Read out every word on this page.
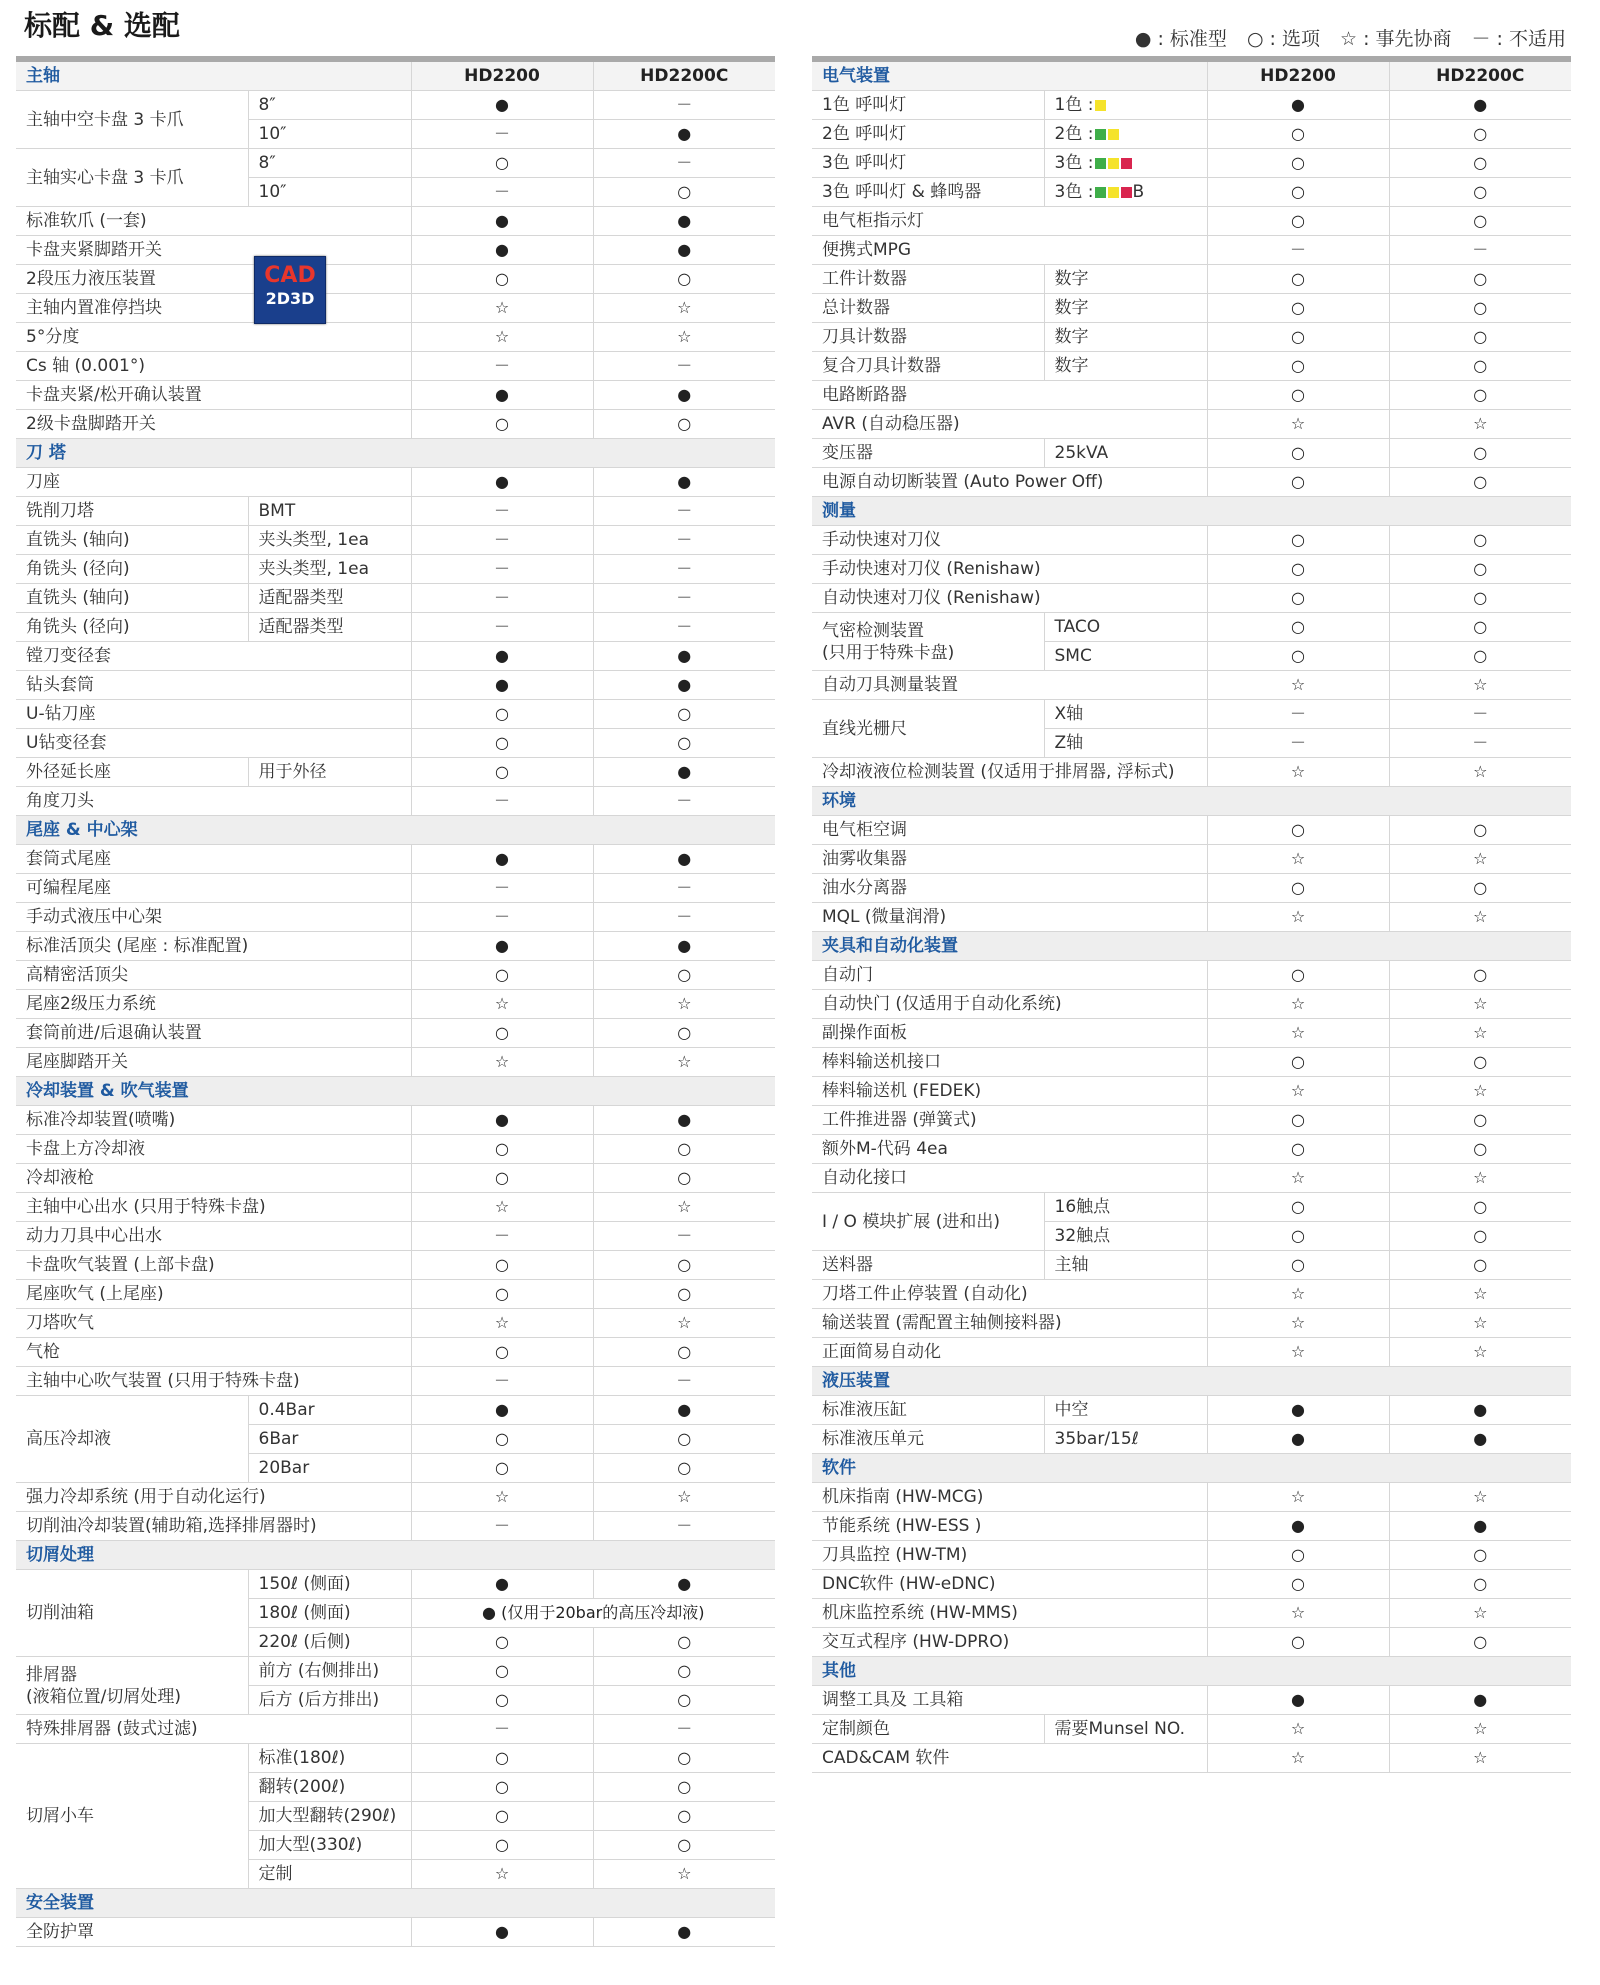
标配 & 选配	● : 标准型 ○ : 选项 ☆ : 事先协商 － : 不适用
主轴		HD2200	HD2200C

主轴中空卡盘 3 卡爪	8″	●	－
	10″	－	●

主轴实心卡盘 3 卡爪	8″	○	－
	10″	－	○
标准软爪 (一套)		●	●
卡盘夹紧脚踏开关		●	●
2段压力液压装置		○	○
主轴内置准停挡块		☆	☆
5°分度		☆	☆
Cs 轴 (0.001°)		－	－
卡盘夹紧/松开确认装置		●	●
2级卡盘脚踏开关		○	○
刀 塔			
刀座		●	●
铣削刀塔	BMT	－	－
直铣头 (轴向)	夹头类型, 1ea	－	－
角铣头 (径向)	夹头类型, 1ea	－	－
直铣头 (轴向)	适配器类型	－	－
角铣头 (径向)	适配器类型	－	－
镗刀变径套		●	●
钻头套筒		●	●
U-钻刀座		○	○
U钻变径套		○	○
外径延长座	用于外径	○	●
角度刀头		－	－
尾座 & 中心架			
套筒式尾座		●	●
可编程尾座		－	－
手动式液压中心架		－	－
标准活顶尖 (尾座 : 标准配置)		●	●
高精密活顶尖		○	○
尾座2级压力系统		☆	☆
套筒前进/后退确认装置		○	○
尾座脚踏开关		☆	☆
冷却装置 & 吹气装置			
标准冷却装置(喷嘴)		●	●
卡盘上方冷却液		○	○
冷却液枪		○	○
主轴中心出水 (只用于特殊卡盘)		☆	☆
动力刀具中心出水		－	－
卡盘吹气装置 (上部卡盘)		○	○
尾座吹气 (上尾座)		○	○
刀塔吹气		☆	☆
气枪		○	○
主轴中心吹气装置 (只用于特殊卡盘)		－	－

高压冷却液	0.4Bar	●	●
	6Bar	○	○
	20Bar	○	○
强力冷却系统 (用于自动化运行)		☆	☆
切削油冷却装置(辅助箱,选择排屑器时)		－	－
切屑处理			

切削油箱	150ℓ (侧面)	●	●
	180ℓ (侧面)	● (仅用于20bar的高压冷却液)	
	220ℓ (后侧)	○	○

排屑器
(液箱位置/切屑处理)	前方 (右侧排出)	○	○
	后方 (后方排出)	○	○
特殊排屑器 (鼓式过滤)		－	－

切屑小车	标准(180ℓ)	○	○
	翻转(200ℓ)	○	○
	加大型翻转(290ℓ)	○	○
	加大型(330ℓ)	○	○
	定制	☆	☆
安全装置			
全防护罩		●	●
电气装置		HD2200	HD2200C
1色 呼叫灯	1色 :	●	●
2色 呼叫灯	2色 :	○	○
3色 呼叫灯	3色 :	○	○
3色 呼叫灯 & 蜂鸣器	3色 : B	○	○
电气柜指示灯		○	○
便携式MPG		－	－
工件计数器	数字	○	○
总计数器	数字	○	○
刀具计数器	数字	○	○
复合刀具计数器	数字	○	○
电路断路器		○	○
AVR (自动稳压器)		☆	☆
变压器	25kVA	○	○
电源自动切断装置 (Auto Power Off)		○	○
测量			
手动快速对刀仪		○	○
手动快速对刀仪 (Renishaw)		○	○
自动快速对刀仪 (Renishaw)		○	○

气密检测装置
(只用于特殊卡盘)	TACO	○	○
	SMC	○	○
自动刀具测量装置		☆	☆

直线光栅尺	X轴	－	－
	Z轴	－	－
冷却液液位检测装置 (仅适用于排屑器, 浮标式)		☆	☆
环境			
电气柜空调		○	○
油雾收集器		☆	☆
油水分离器		○	○
MQL (微量润滑)		☆	☆
夹具和自动化装置			
自动门		○	○
自动快门 (仅适用于自动化系统)		☆	☆
副操作面板		☆	☆
棒料输送机接口		○	○
棒料输送机 (FEDEK)		☆	☆
工件推进器 (弹簧式)		○	○
额外M-代码 4ea		○	○
自动化接口		☆	☆

I / O 模块扩展 (进和出)	16触点	○	○
	32触点	○	○
送料器	主轴	○	○
刀塔工件止停装置 (自动化)		☆	☆
输送装置 (需配置主轴侧接料器)		☆	☆
正面简易自动化		☆	☆
液压装置			
标准液压缸	中空	●	●
标准液压单元	35bar/15ℓ	●	●
软件			
机床指南 (HW-MCG)		☆	☆
节能系统 (HW-ESS )		●	●
刀具监控 (HW-TM)		○	○
DNC软件 (HW-eDNC)		○	○
机床监控系统 (HW-MMS)		☆	☆
交互式程序 (HW-DPRO)		○	○
其他			
调整工具及 工具箱		●	●
定制颜色	需要Munsel NO.	☆	☆
CAD&CAM 软件		☆	☆
CAD
2D3D
